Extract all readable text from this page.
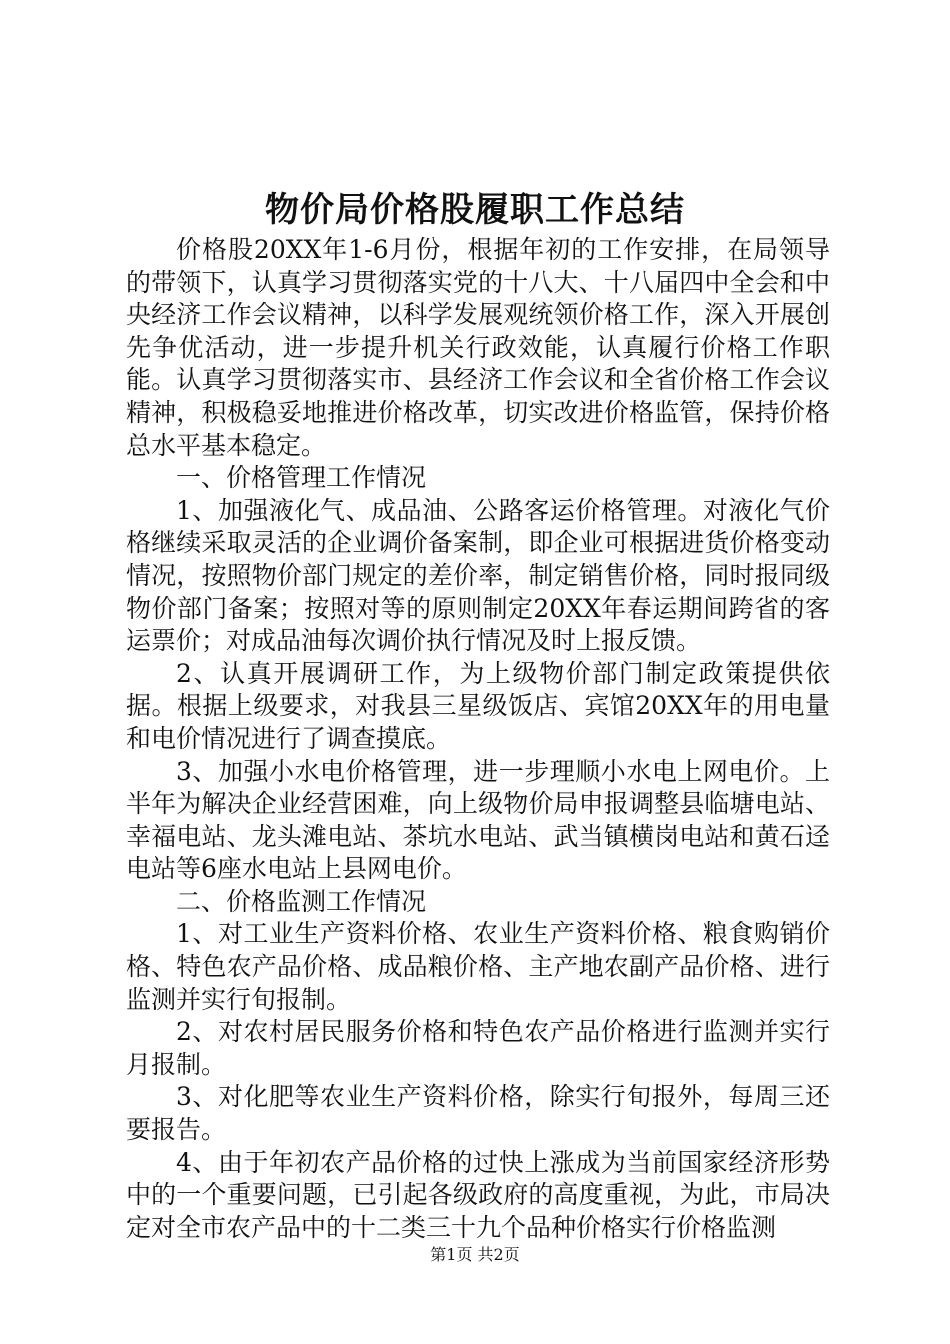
物价局价格股履职工作总结

价格股20XX年1-6月份，根据年初的工作安排，在局领导的带领下，认真学习贯彻落实党的十八大、十八届四中全会和中央经济工作会议精神，以科学发展观统领价格工作，深入开展创先争优活动，进一步提升机关行政效能，认真履行价格工作职能。认真学习贯彻落实市、县经济工作会议和全省价格工作会议精神，积极稳妥地推进价格改革，切实改进价格监管，保持价格总水平基本稳定。

一、价格管理工作情况

1、加强液化气、成品油、公路客运价格管理。对液化气价格继续采取灵活的企业调价备案制，即企业可根据进货价格变动情况，按照物价部门规定的差价率，制定销售价格，同时报同级物价部门备案；按照对等的原则制定20XX年春运期间跨省的客运票价；对成品油每次调价执行情况及时上报反馈。

2、认真开展调研工作，为上级物价部门制定政策提供依据。根据上级要求，对我县三星级饭店、宾馆20XX年的用电量和电价情况进行了调查摸底。

3、加强小水电价格管理，进一步理顺小水电上网电价。上半年为解决企业经营困难，向上级物价局申报调整县临塘电站、幸福电站、龙头滩电站、茶坑水电站、武当镇横岗电站和黄石迳电站等6座水电站上县网电价。

二、价格监测工作情况

1、对工业生产资料价格、农业生产资料价格、粮食购销价格、特色农产品价格、成品粮价格、主产地农副产品价格、进行监测并实行旬报制。

2、对农村居民服务价格和特色农产品价格进行监测并实行月报制。

3、对化肥等农业生产资料价格，除实行旬报外，每周三还要报告。

4、由于年初农产品价格的过快上涨成为当前国家经济形势中的一个重要问题，已引起各级政府的高度重视，为此，市局决定对全市农产品中的十二类三十九个品种价格实行价格监测

第1页 共2页
